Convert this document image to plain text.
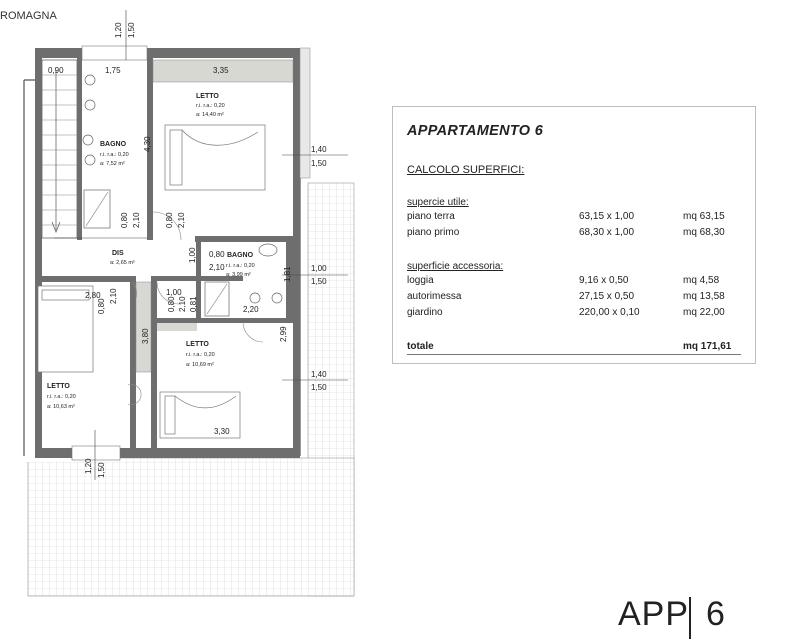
ROMAGNA
1,20 1,50
0,90	1,75	3,35
4,30	1,40
1,50
0,80 2,10	0,80 2,10
0,80
2,10
1,00
1,81 1,00
1,50
2,80
0,80
2,10	1,00
0,80 2,10 0,81	2,20
3,80	2,99
1,40
1,50
3,30
1,20 1,50
LETTO
r.i. r.a.: 0,20
a: 14,40 m²
BAGNO
r.i. r.a.: 0,20
a: 7,52 m²
DIS
a: 2,65 m²
BAGNO
r.i. r.a.: 0,20
a: 3,99 m²
LETTO
r.i. r.a.: 0,20
a: 10,69 m²
LETTO
r.i. r.a.: 0,20
a: 10,63 m²
APPARTAMENTO 6
CALCOLO SUPERFICI:
supercie utile:
piano terra	63,15 x 1,00	mq 63,15
piano primo	68,30 x 1,00	mq 68,30
superficie accessoria:
loggia	9,16 x 0,50	mq 4,58
autorimessa	27,15 x 0,50	mq 13,58
giardino	220,00 x 0,10	mq 22,00
totale	mq 171,61
APP 6
